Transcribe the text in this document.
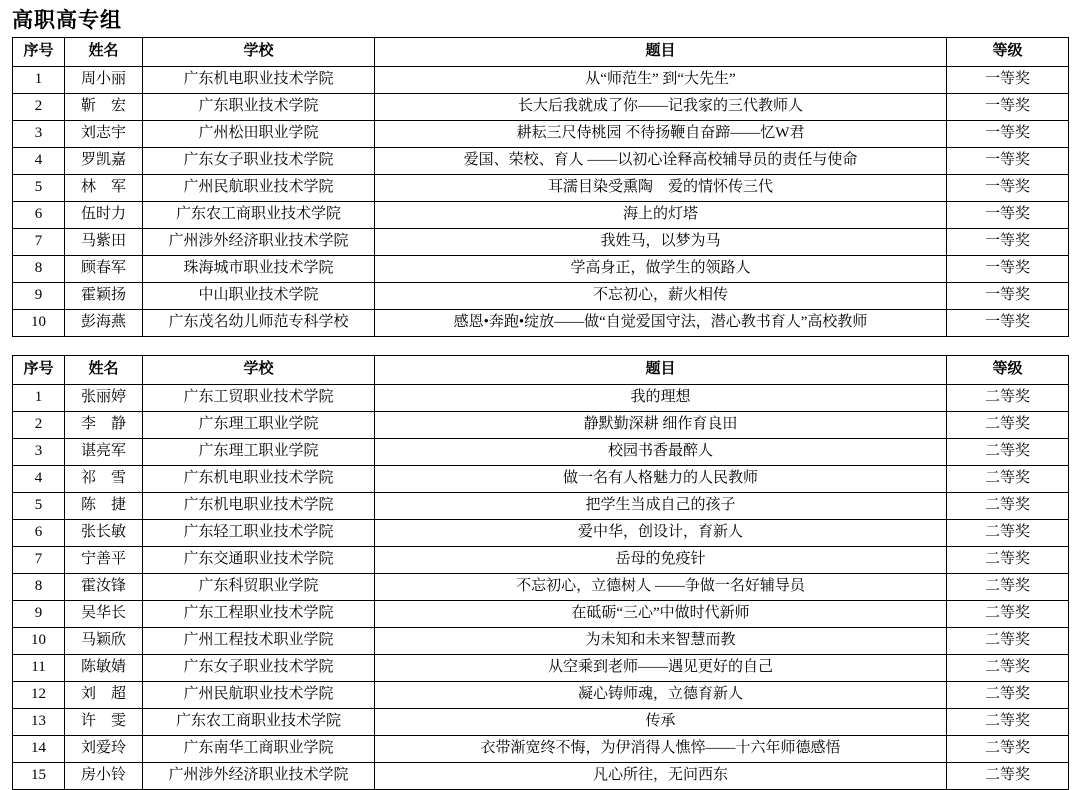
高职高专组
序号	姓名	学校	题目	等级
1	周小丽	广东机电职业技术学院	从“师范生” 到“大先生”	一等奖
2	靳　宏	广东职业技术学院	长大后我就成了你——记我家的三代教师人	一等奖
3	刘志宇	广州松田职业学院	耕耘三尺侍桃园 不待扬鞭自奋蹄——忆W君	一等奖
4	罗凯嘉	广东女子职业技术学院	爱国、荣校、育人 ——以初心诠释高校辅导员的责任与使命	一等奖
5	林　军	广州民航职业技术学院	耳濡目染受熏陶　爱的情怀传三代	一等奖
6	伍时力	广东农工商职业技术学院	海上的灯塔	一等奖
7	马紫田	广州涉外经济职业技术学院	我姓马，以梦为马	一等奖
8	顾春军	珠海城市职业技术学院	学高身正，做学生的领路人	一等奖
9	霍颖扬	中山职业技术学院	不忘初心，薪火相传	一等奖
10	彭海燕	广东茂名幼儿师范专科学校	感恩•奔跑•绽放——做“自觉爱国守法，潜心教书育人”高校教师	一等奖
序号	姓名	学校	题目	等级
1	张丽婷	广东工贸职业技术学院	我的理想	二等奖
2	李　静	广东理工职业学院	静默勤深耕 细作育良田	二等奖
3	谌亮军	广东理工职业学院	校园书香最醉人	二等奖
4	祁　雪	广东机电职业技术学院	做一名有人格魅力的人民教师	二等奖
5	陈　捷	广东机电职业技术学院	把学生当成自己的孩子	二等奖
6	张长敏	广东轻工职业技术学院	爱中华，创设计，育新人	二等奖
7	宁善平	广东交通职业技术学院	岳母的免疫针	二等奖
8	霍汝锋	广东科贸职业学院	不忘初心，立德树人 ——争做一名好辅导员	二等奖
9	吴华长	广东工程职业技术学院	在砥砺“三心”中做时代新师	二等奖
10	马颖欣	广州工程技术职业学院	为未知和未来智慧而教	二等奖
11	陈敏婧	广东女子职业技术学院	从空乘到老师——遇见更好的自己	二等奖
12	刘　超	广州民航职业技术学院	凝心铸师魂，立德育新人	二等奖
13	许　雯	广东农工商职业技术学院	传承	二等奖
14	刘爱玲	广东南华工商职业学院	衣带渐宽终不悔，为伊消得人憔悴——十六年师德感悟	二等奖
15	房小铃	广州涉外经济职业技术学院	凡心所往，无问西东	二等奖
